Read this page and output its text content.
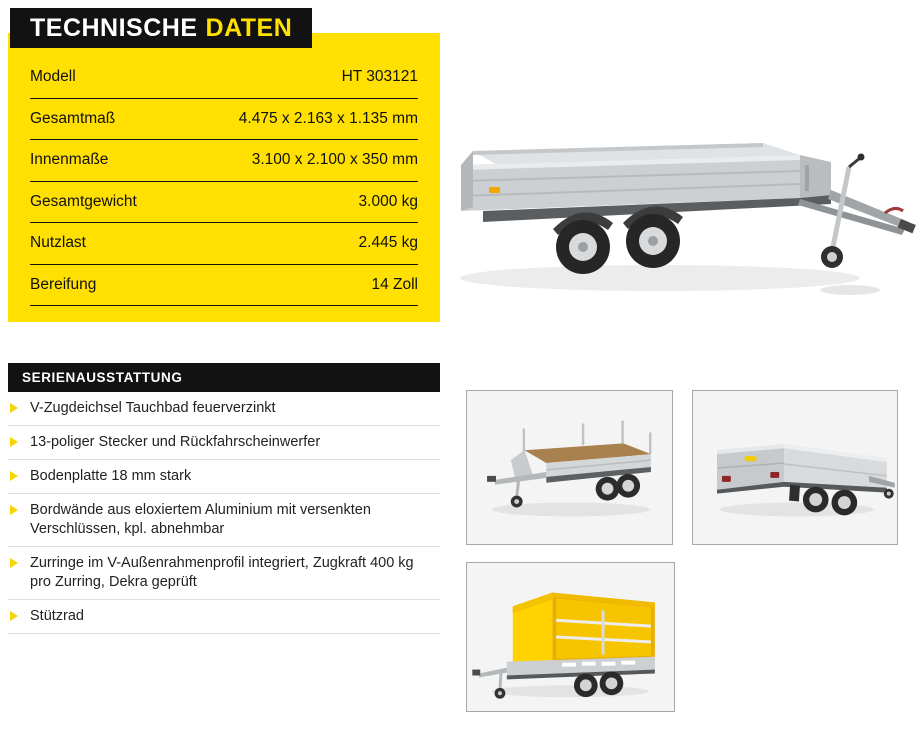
TECHNISCHE DATEN
Modell	HT 303121
Gesamtmaß	4.475 x 2.163 x 1.135 mm
Innenmaße	3.100 x 2.100 x 350 mm
Gesamtgewicht	3.000 kg
Nutzlast	2.445 kg
Bereifung	14 Zoll
SERIENAUSSTATTUNG
V-Zugdeichsel Tauchbad feuerverzinkt
13-poliger Stecker und Rückfahrscheinwerfer
Bodenplatte 18 mm stark
Bordwände aus eloxiertem Aluminium mit versenkten Verschlüssen, kpl. abnehmbar
Zurringe im V-Außenrahmenprofil integriert, Zugkraft 400 kg pro Zurring, Dekra geprüft
Stützrad
